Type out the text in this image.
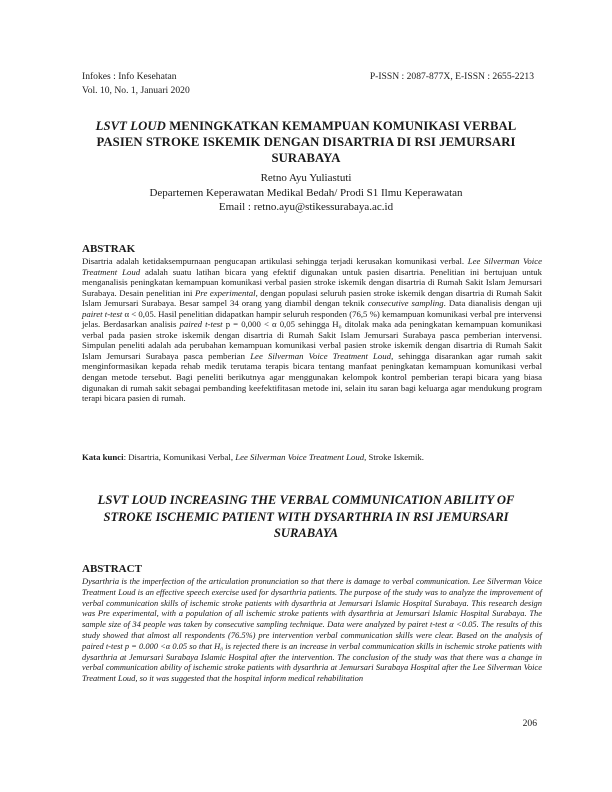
Infokes : Info Kesehatan	P-ISSN : 2087-877X, E-ISSN : 2655-2213
Vol. 10, No. 1, Januari 2020
LSVT LOUD MENINGKATKAN KEMAMPUAN KOMUNIKASI VERBAL PASIEN STROKE ISKEMIK DENGAN DISARTRIA DI RSI JEMURSARI SURABAYA
Retno Ayu Yuliastuti
Departemen Keperawatan Medikal Bedah/ Prodi S1 Ilmu Keperawatan
Email : retno.ayu@stikessurabaya.ac.id
ABSTRAK
Disartria adalah ketidaksempurnaan pengucapan artikulasi sehingga terjadi kerusakan komunikasi verbal. Lee Silverman Voice Treatment Loud adalah suatu latihan bicara yang efektif digunakan untuk pasien disartria. Penelitian ini bertujuan untuk menganalisis peningkatan kemampuan komunikasi verbal pasien stroke iskemik dengan disartria di Rumah Sakit Islam Jemursari Surabaya. Desain penelitian ini Pre experimental, dengan populasi seluruh pasien stroke iskemik dengan disartria di Rumah Sakit Islam Jemursari Surabaya. Besar sampel 34 orang yang diambil dengan teknik consecutive sampling. Data dianalisis dengan uji pairet t-test α < 0,05. Hasil penelitian didapatkan hampir seluruh responden (76,5 %) kemampuan komunikasi verbal pre intervensi jelas. Berdasarkan analisis paired t-test p = 0,000 < α 0,05 sehingga H₀ ditolak maka ada peningkatan kemampuan komunikasi verbal pada pasien stroke iskemik dengan disartria di Rumah Sakit Islam Jemursari Surabaya pasca pemberian intervensi. Simpulan peneliti adalah ada perubahan kemampuan komunikasi verbal pasien stroke iskemik dengan disartria di Rumah Sakit Islam Jemursari Surabaya pasca pemberian Lee Silverman Voice Treatment Loud, sehingga disarankan agar rumah sakit menginformasikan kepada rehab medik terutama terapis bicara tentang manfaat peningkatan kemampuan komunikasi verbal dengan metode tersebut. Bagi peneliti berikutnya agar menggunakan kelompok kontrol pemberian terapi bicara yang biasa digunakan di rumah sakit sebagai pembanding keefektifitasan metode ini, selain itu saran bagi keluarga agar mendukung program terapi bicara pasien di rumah.
Kata kunci: Disartria, Komunikasi Verbal, Lee Silverman Voice Treatment Loud, Stroke Iskemik.
LSVT LOUD INCREASING THE VERBAL COMMUNICATION ABILITY OF STROKE ISCHEMIC PATIENT WITH DYSARTHRIA IN RSI JEMURSARI SURABAYA
ABSTRACT
Dysarthria is the imperfection of the articulation pronunciation so that there is damage to verbal communication. Lee Silverman Voice Treatment Loud is an effective speech exercise used for dysarthria patients. The purpose of the study was to analyze the improvement of verbal communication skills of ischemic stroke patients with dysarthria at Jemursari Islamic Hospital Surabaya. This research design was Pre experimental, with a population of all ischemic stroke patients with dysarthria at Jemursari Islamic Hospital Surabaya. The sample size of 34 people was taken by consecutive sampling technique. Data were analyzed by pairet t-test α <0.05. The results of this study showed that almost all respondents (76.5%) pre intervention verbal communication skills were clear. Based on the analysis of paired t-test p = 0.000 <α 0.05 so that H₀ is rejected there is an increase in verbal communication skills in ischemic stroke patients with dysarthria at Jemursari Surabaya Islamic Hospital after the intervention. The conclusion of the study was that there was a change in verbal communication ability of ischemic stroke patients with dysarthria at Jemursari Surabaya Hospital after the Lee Silverman Voice Treatment Loud, so it was suggested that the hospital inform medical rehabilitation
206
